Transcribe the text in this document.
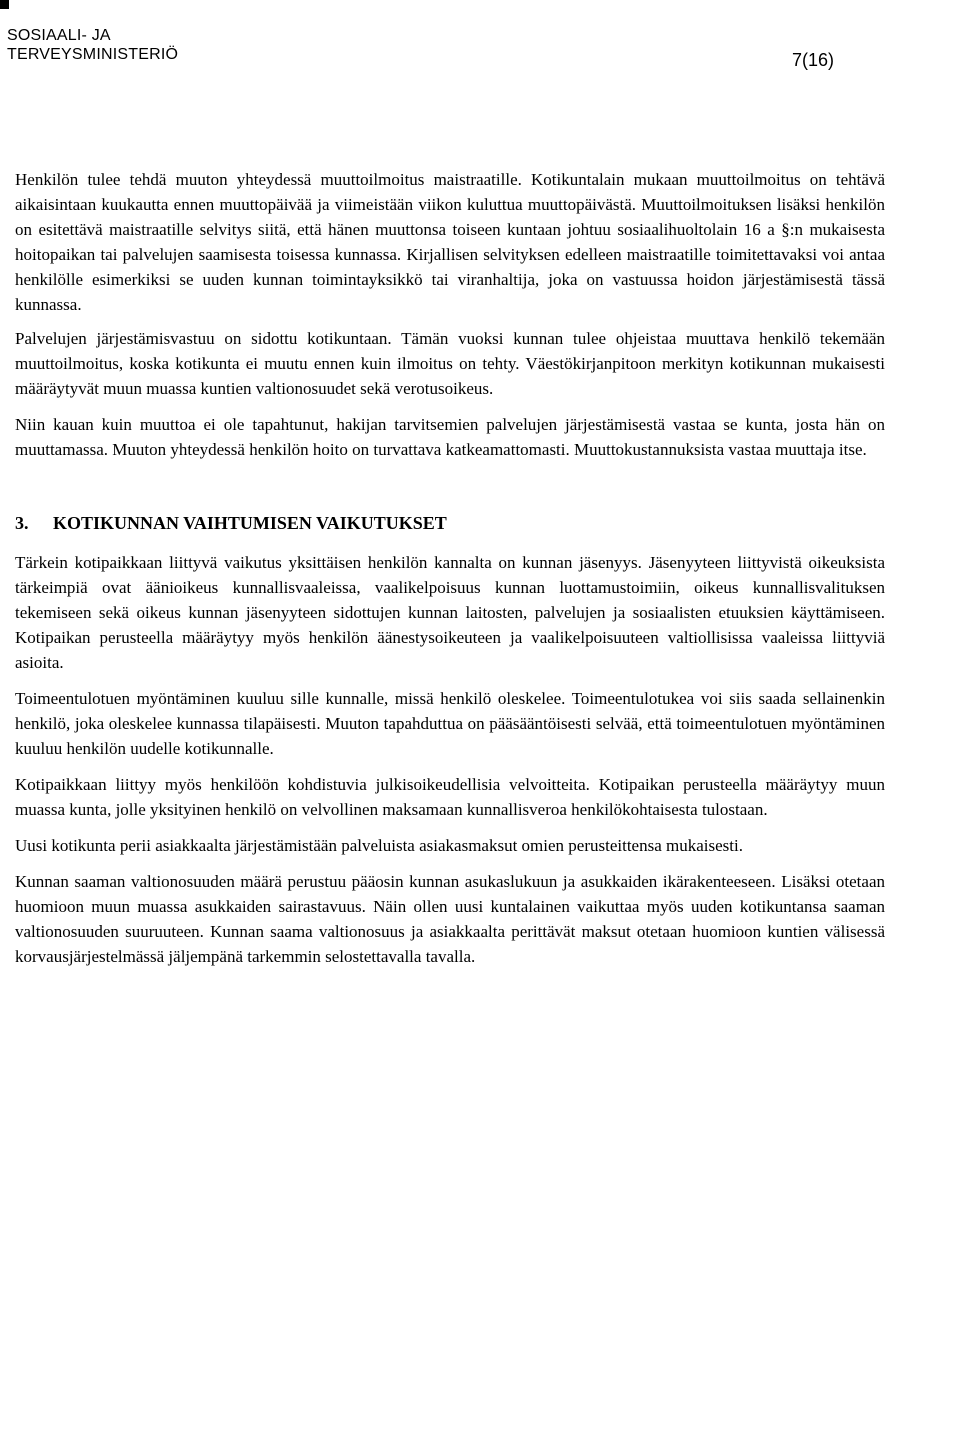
SOSIAALI- JA
TERVEYSMINISTERIÖ	7(16)

Henkilön tulee tehdä muuton yhteydessä muuttoilmoitus maistraatille. Kotikuntalain mukaan muuttoilmoitus on tehtävä aikaisintaan kuukautta ennen muuttopäivää ja viimeistään viikon kuluttua muuttopäivästä. Muuttoilmoituksen lisäksi henkilön on esitettävä maistraatille selvitys siitä, että hänen muuttonsa toiseen kuntaan johtuu sosiaalihuoltolain 16 a §:n mukaisesta hoitopaikan tai palvelujen saamisesta toisessa kunnassa. Kirjallisen selvityksen edelleen maistraatille toimitettavaksi voi antaa henkilölle esimerkiksi se uuden kunnan toimintayksikkö tai viranhaltija, joka on vastuussa hoidon järjestämisestä tässä kunnassa.

Palvelujen järjestämisvastuu on sidottu kotikuntaan. Tämän vuoksi kunnan tulee ohjeistaa muuttava henkilö tekemään muuttoilmoitus, koska kotikunta ei muutu ennen kuin ilmoitus on tehty. Väestökirjanpitoon merkityn kotikunnan mukaisesti määräytyvät muun muassa kuntien valtionosuudet sekä verotusoikeus.

Niin kauan kuin muuttoa ei ole tapahtunut, hakijan tarvitsemien palvelujen järjestämisestä vastaa se kunta, josta hän on muuttamassa. Muuton yhteydessä henkilön hoito on turvattava katkeamattomasti. Muuttokustannuksista vastaa muuttaja itse.

3. KOTIKUNNAN VAIHTUMISEN VAIKUTUKSET

Tärkein kotipaikkaan liittyvä vaikutus yksittäisen henkilön kannalta on kunnan jäsenyys. Jäsenyyteen liittyvistä oikeuksista tärkeimpiä ovat äänioikeus kunnallisvaaleissa, vaalikelpoisuus kunnan luottamustoimiin, oikeus kunnallisvalituksen tekemiseen sekä oikeus kunnan jäsenyyteen sidottujen kunnan laitosten, palvelujen ja sosiaalisten etuuksien käyttämiseen. Kotipaikan perusteella määräytyy myös henkilön äänestysoikeuteen ja vaalikelpoisuuteen valtiollisissa vaaleissa liittyviä asioita.

Toimeentulotuen myöntäminen kuuluu sille kunnalle, missä henkilö oleskelee. Toimeentulotukea voi siis saada sellainenkin henkilö, joka oleskelee kunnassa tilapäisesti. Muuton tapahduttua on pääsääntöisesti selvää, että toimeentulotuen myöntäminen kuuluu henkilön uudelle kotikunnalle.

Kotipaikkaan liittyy myös henkilöön kohdistuvia julkisoikeudellisia velvoitteita. Kotipaikan perusteella määräytyy muun muassa kunta, jolle yksityinen henkilö on velvollinen maksamaan kunnallisveroa henkilökohtaisesta tulostaan.

Uusi kotikunta perii asiakkaalta järjestämistään palveluista asiakasmaksut omien perusteittensa mukaisesti.

Kunnan saaman valtionosuuden määrä perustuu pääosin kunnan asukaslukuun ja asukkaiden ikärakenteeseen. Lisäksi otetaan huomioon muun muassa asukkaiden sairastavuus. Näin ollen uusi kuntalainen vaikuttaa myös uuden kotikuntansa saaman valtionosuuden suuruuteen. Kunnan saama valtionosuus ja asiakkaalta perittävät maksut otetaan huomioon kuntien välisessä korvausjärjestelmässä jäljempänä tarkemmin selostettavalla tavalla.
